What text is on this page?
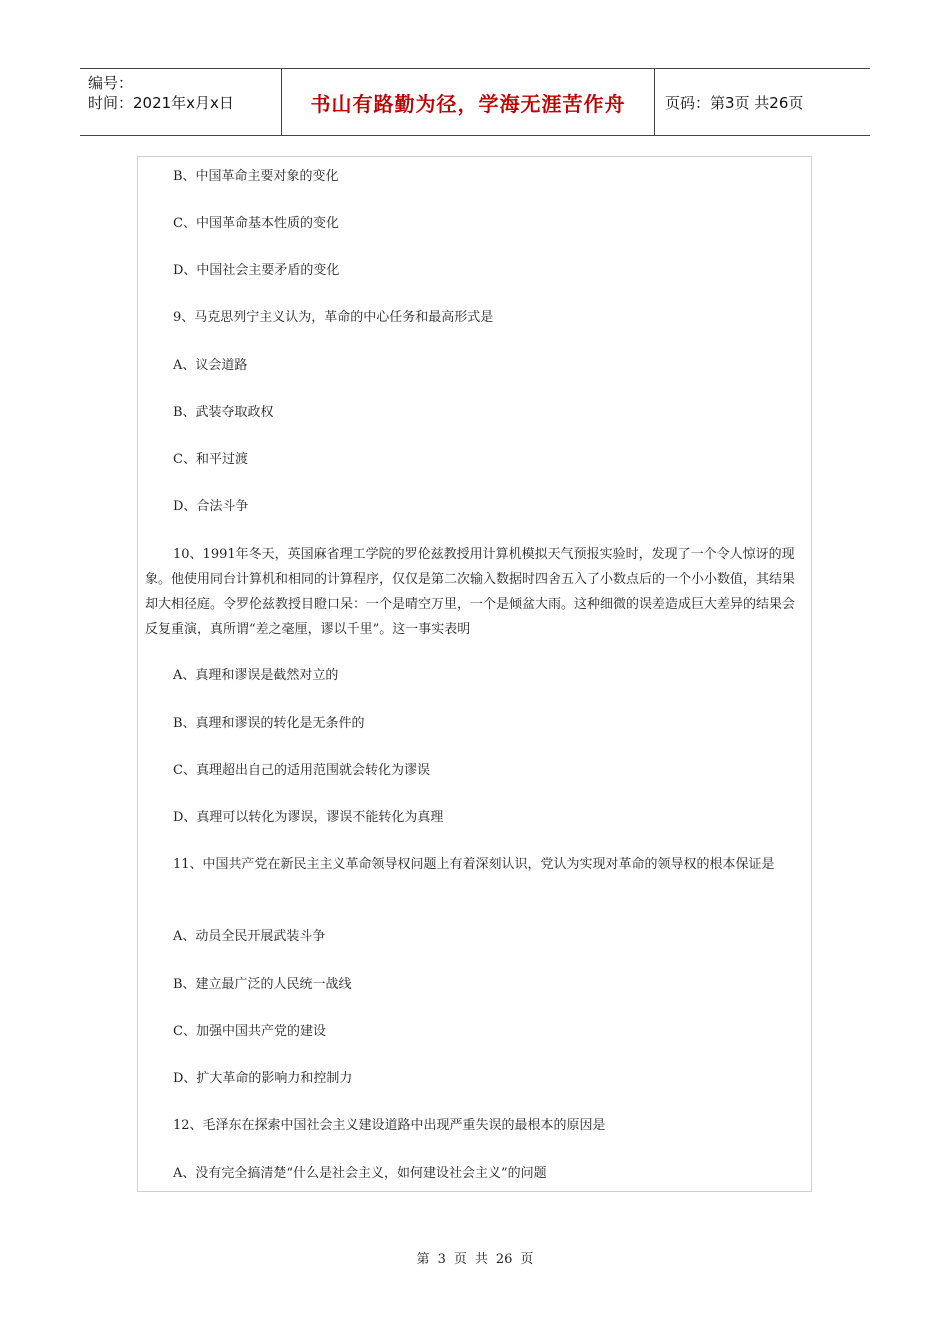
编号：
时间：2021年x月x日	书山有路勤为径，学海无涯苦作舟	页码：第3页 共26页
B、中国革命主要对象的变化
C、中国革命基本性质的变化
D、中国社会主要矛盾的变化
9、马克思列宁主义认为，革命的中心任务和最高形式是
A、议会道路
B、武装夺取政权
C、和平过渡
D、合法斗争
10、1991年冬天，英国麻省理工学院的罗伦兹教授用计算机模拟天气预报实验时，发现了一个令人惊讶的现象。他使用同台计算机和相同的计算程序，仅仅是第二次输入数据时四舍五入了小数点后的一个小小数值，其结果却大相径庭。令罗伦兹教授目瞪口呆：一个是晴空万里，一个是倾盆大雨。这种细微的误差造成巨大差异的结果会反复重演，真所谓“差之毫厘，谬以千里”。这一事实表明
A、真理和谬误是截然对立的
B、真理和谬误的转化是无条件的
C、真理超出自己的适用范围就会转化为谬误
D、真理可以转化为谬误，谬误不能转化为真理
11、中国共产党在新民主主义革命领导权问题上有着深刻认识，党认为实现对革命的领导权的根本保证是
A、动员全民开展武装斗争
B、建立最广泛的人民统一战线
C、加强中国共产党的建设
D、扩大革命的影响力和控制力
12、毛泽东在探索中国社会主义建设道路中出现严重失误的最根本的原因是
A、没有完全搞清楚“什么是社会主义，如何建设社会主义”的问题
第 3 页 共 26 页
